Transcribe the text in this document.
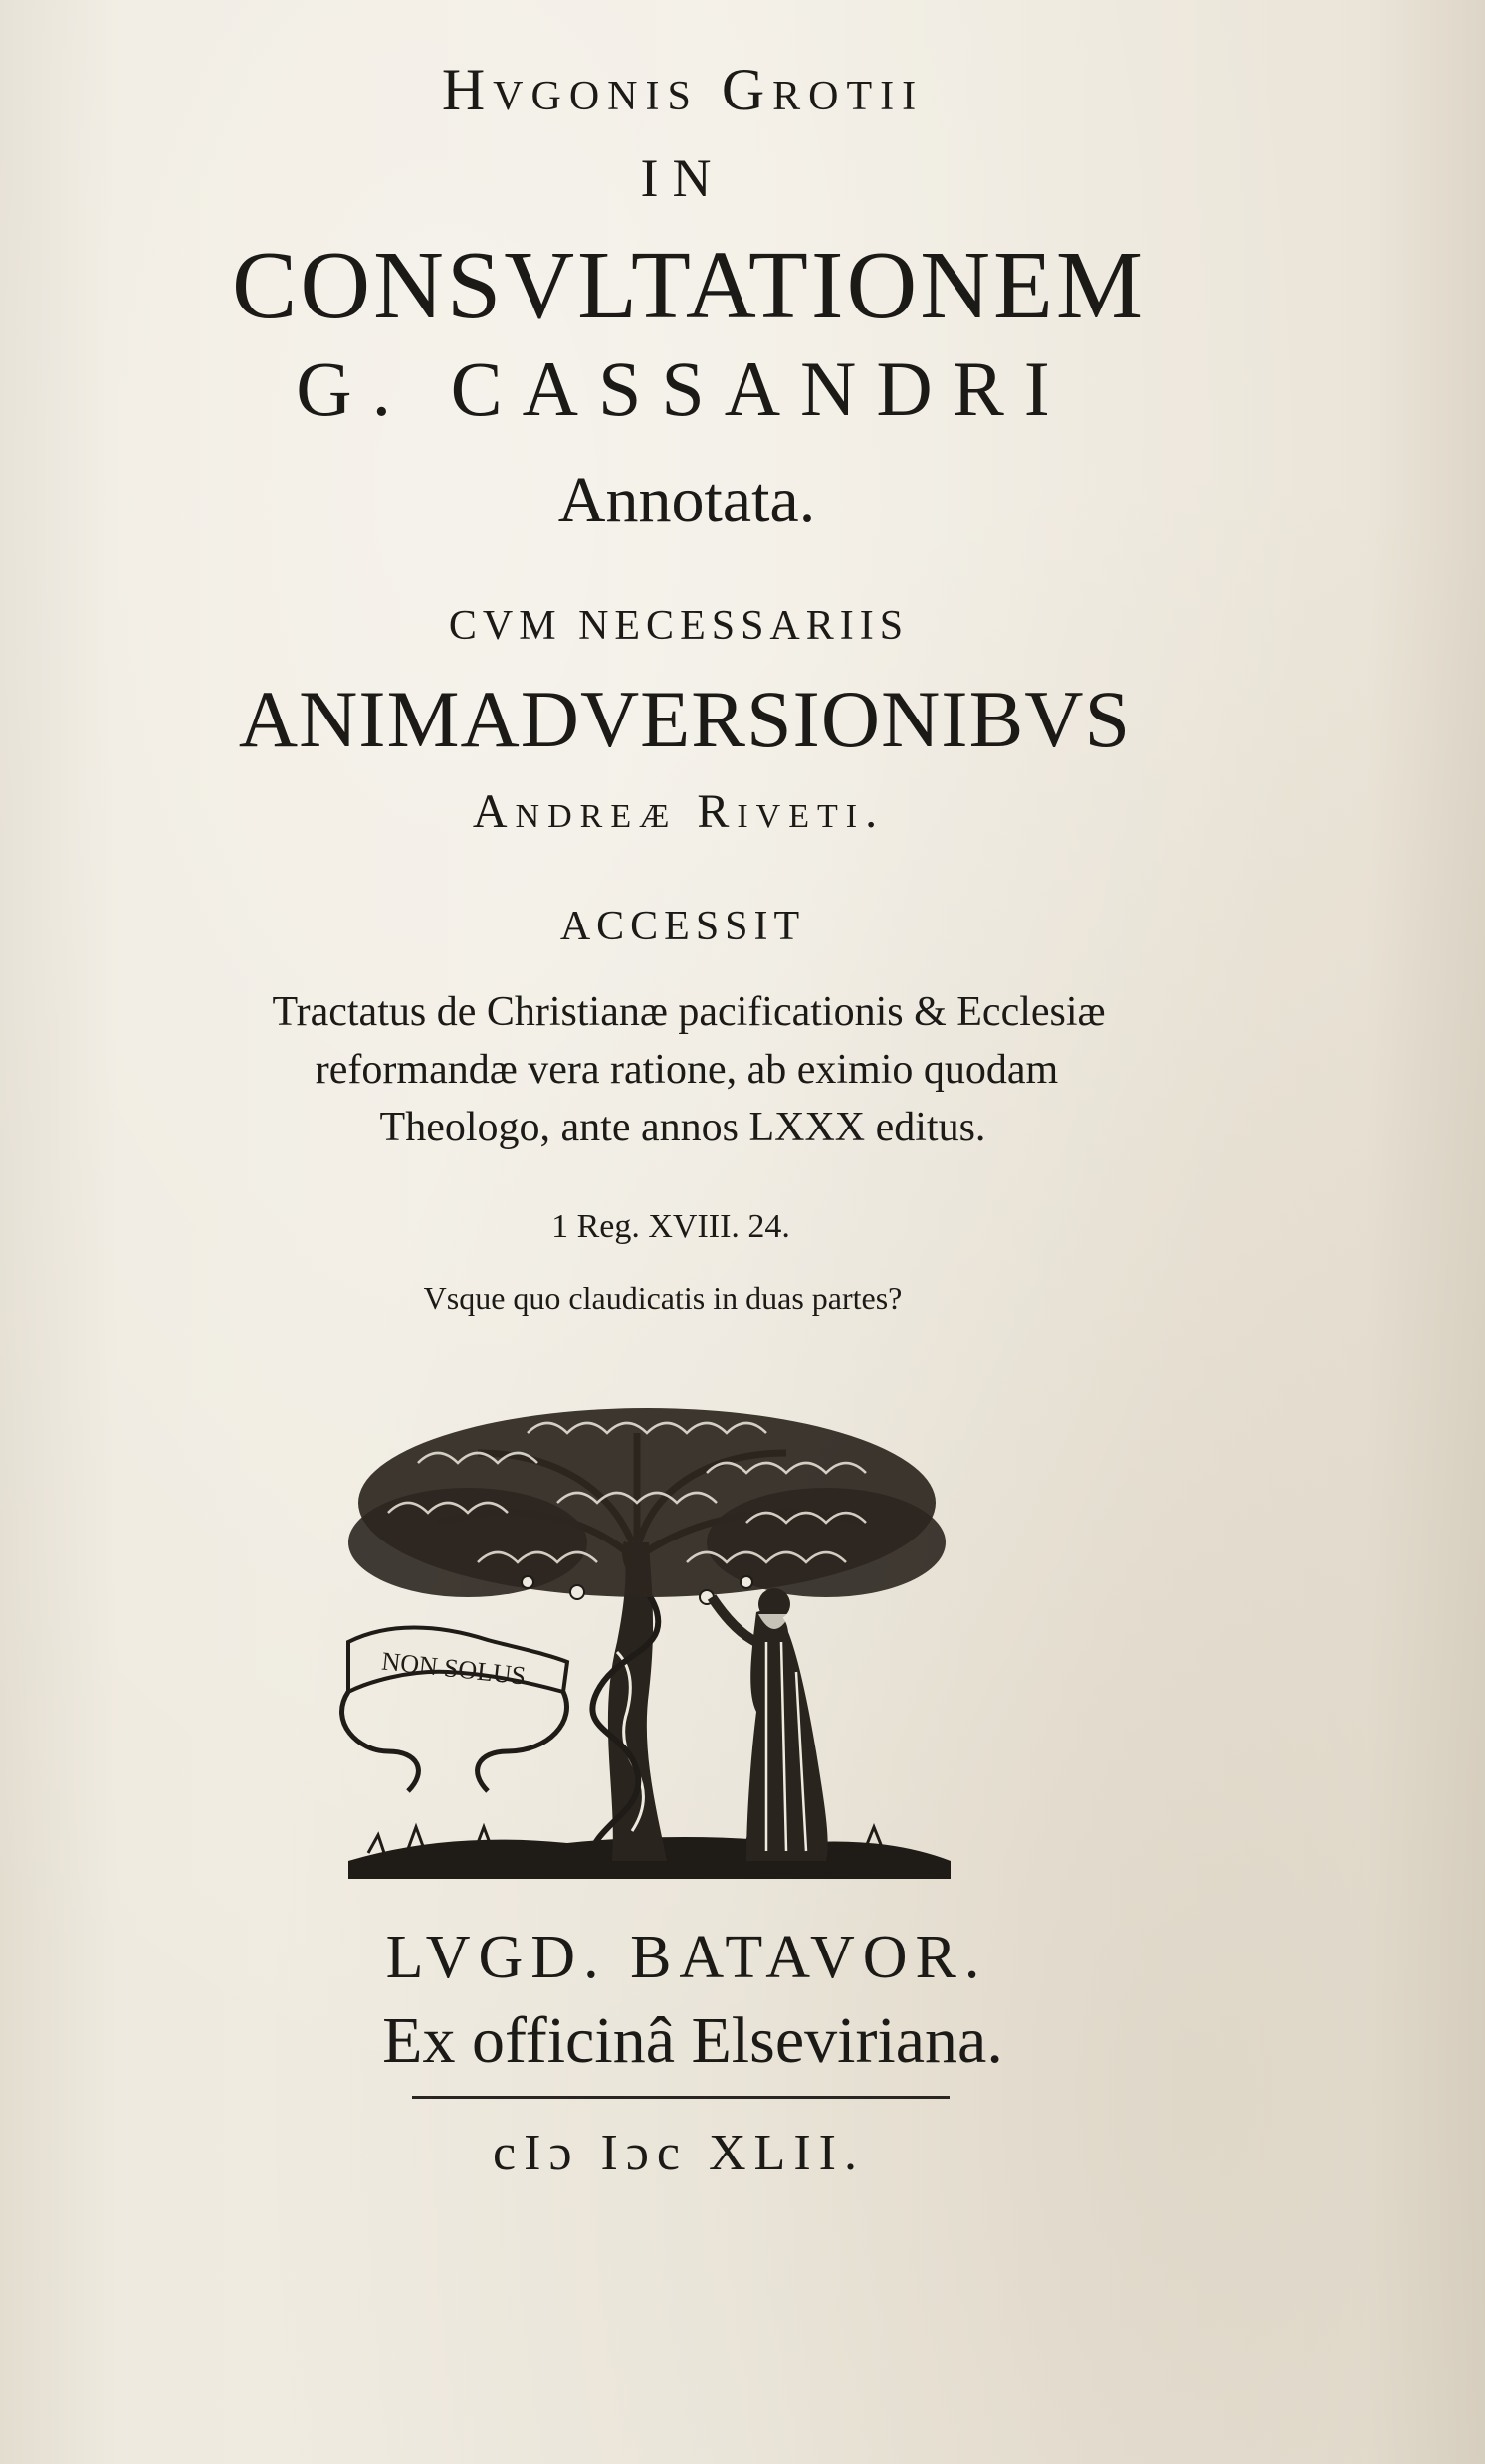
Hvgonis Grotii
IN
CONSVLTATIONEM
G. CASSANDRI
Annotata.
CVM NECESSARIIS
ANIMADVERSIONIBVS
Andreæ Riveti.
ACCESSIT
Tractatus de Christianæ pacificationis & Ecclesiæ
reformandæ vera ratione, ab eximio quodam
Theologo, ante annos LXXX editus.
1 Reg. XVIII. 24.
Vsque quo claudicatis in duas partes?
NON SOLUS
LVGD. BATAVOR.
Ex officinâ Elseviriana.
cIɔ Iɔc XLII.
